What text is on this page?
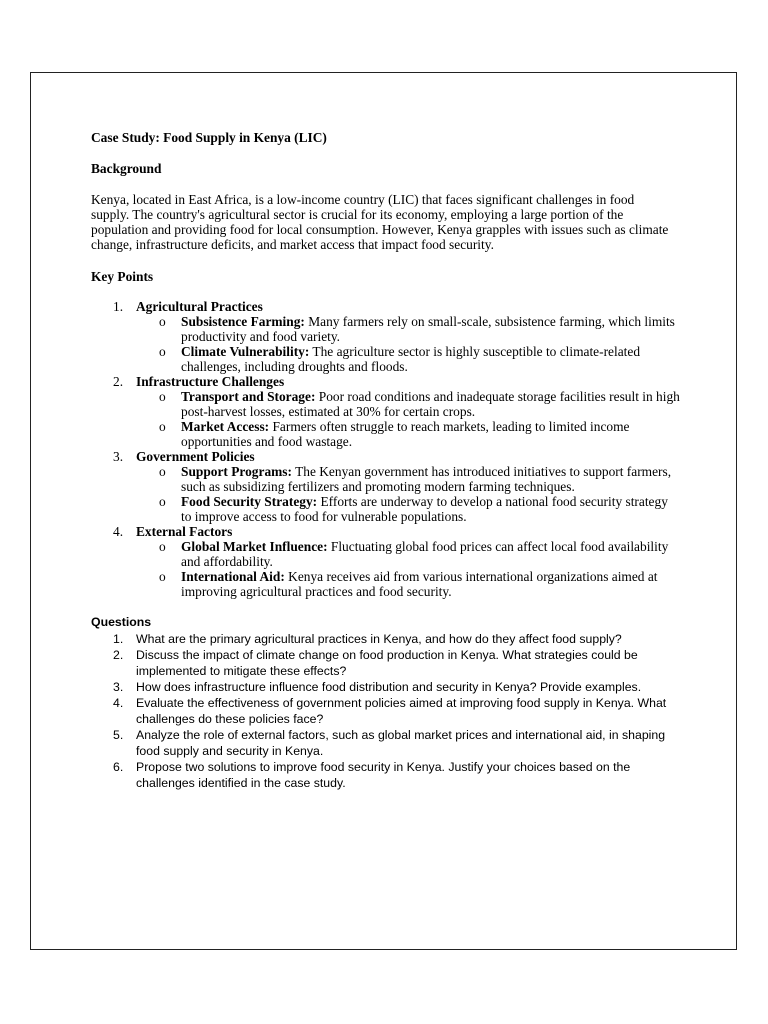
Case Study: Food Supply in Kenya (LIC)
Background

Kenya, located in East Africa, is a low-income country (LIC) that faces significant challenges in food supply. The country's agricultural sector is crucial for its economy, employing a large portion of the population and providing food for local consumption. However, Kenya grapples with issues such as climate change, infrastructure deficits, and market access that impact food security.

Key Points
1. Agricultural Practices
o Subsistence Farming: Many farmers rely on small-scale, subsistence farming, which limits productivity and food variety.
o Climate Vulnerability: The agriculture sector is highly susceptible to climate-related challenges, including droughts and floods.
2. Infrastructure Challenges
o Transport and Storage: Poor road conditions and inadequate storage facilities result in high post-harvest losses, estimated at 30% for certain crops.
o Market Access: Farmers often struggle to reach markets, leading to limited income opportunities and food wastage.
3. Government Policies
o Support Programs: The Kenyan government has introduced initiatives to support farmers, such as subsidizing fertilizers and promoting modern farming techniques.
o Food Security Strategy: Efforts are underway to develop a national food security strategy to improve access to food for vulnerable populations.
4. External Factors
o Global Market Influence: Fluctuating global food prices can affect local food availability and affordability.
o International Aid: Kenya receives aid from various international organizations aimed at improving agricultural practices and food security.
Questions
1. What are the primary agricultural practices in Kenya, and how do they affect food supply?
2. Discuss the impact of climate change on food production in Kenya. What strategies could be implemented to mitigate these effects?
3. How does infrastructure influence food distribution and security in Kenya? Provide examples.
4. Evaluate the effectiveness of government policies aimed at improving food supply in Kenya. What challenges do these policies face?
5. Analyze the role of external factors, such as global market prices and international aid, in shaping food supply and security in Kenya.
6. Propose two solutions to improve food security in Kenya. Justify your choices based on the challenges identified in the case study.
